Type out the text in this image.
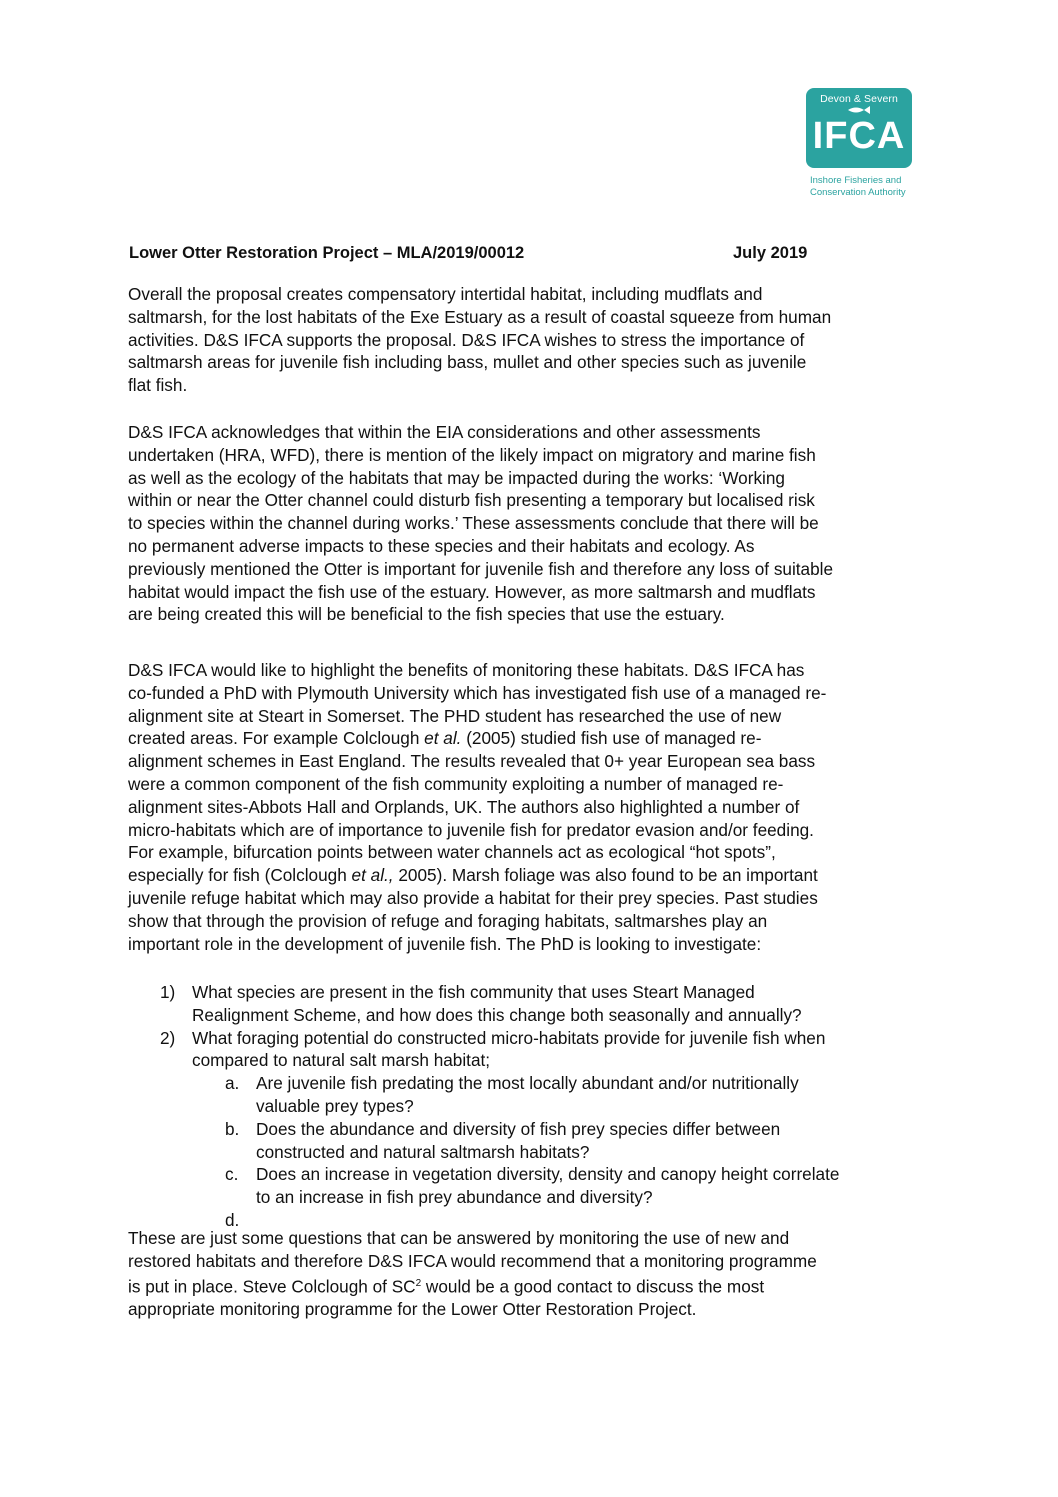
Devon & Severn
IFCA
Inshore Fisheries and
Conservation Authority
Lower Otter Restoration Project – MLA/2019/00012	July 2019

Overall the proposal creates compensatory intertidal habitat, including mudflats and
saltmarsh, for the lost habitats of the Exe Estuary as a result of coastal squeeze from human
activities. D&S IFCA supports the proposal. D&S IFCA wishes to stress the importance of
saltmarsh areas for juvenile fish including bass, mullet and other species such as juvenile
flat fish.

D&S IFCA acknowledges that within the EIA considerations and other assessments
undertaken (HRA, WFD), there is mention of the likely impact on migratory and marine fish
as well as the ecology of the habitats that may be impacted during the works: ‘Working
within or near the Otter channel could disturb fish presenting a temporary but localised risk
to species within the channel during works.’ These assessments conclude that there will be
no permanent adverse impacts to these species and their habitats and ecology. As
previously mentioned the Otter is important for juvenile fish and therefore any loss of suitable
habitat would impact the fish use of the estuary. However, as more saltmarsh and mudflats
are being created this will be beneficial to the fish species that use the estuary.

D&S IFCA would like to highlight the benefits of monitoring these habitats. D&S IFCA has
co-funded a PhD with Plymouth University which has investigated fish use of a managed re-
alignment site at Steart in Somerset. The PHD student has researched the use of new
created areas. For example Colclough et al. (2005) studied fish use of managed re-
alignment schemes in East England. The results revealed that 0+ year European sea bass
were a common component of the fish community exploiting a number of managed re-
alignment sites-Abbots Hall and Orplands, UK. The authors also highlighted a number of
micro-habitats which are of importance to juvenile fish for predator evasion and/or feeding.
For example, bifurcation points between water channels act as ecological “hot spots”,
especially for fish (Colclough et al., 2005). Marsh foliage was also found to be an important
juvenile refuge habitat which may also provide a habitat for their prey species. Past studies
show that through the provision of refuge and foraging habitats, saltmarshes play an
important role in the development of juvenile fish. The PhD is looking to investigate:

1) What species are present in the fish community that uses Steart Managed
Realignment Scheme, and how does this change both seasonally and annually?
2) What foraging potential do constructed micro-habitats provide for juvenile fish when
compared to natural salt marsh habitat;
a. Are juvenile fish predating the most locally abundant and/or nutritionally
valuable prey types?
b. Does the abundance and diversity of fish prey species differ between
constructed and natural saltmarsh habitats?
c. Does an increase in vegetation diversity, density and canopy height correlate
to an increase in fish prey abundance and diversity?
d.

These are just some questions that can be answered by monitoring the use of new and
restored habitats and therefore D&S IFCA would recommend that a monitoring programme
is put in place. Steve Colclough of $SC^2$ would be a good contact to discuss the most
appropriate monitoring programme for the Lower Otter Restoration Project.
